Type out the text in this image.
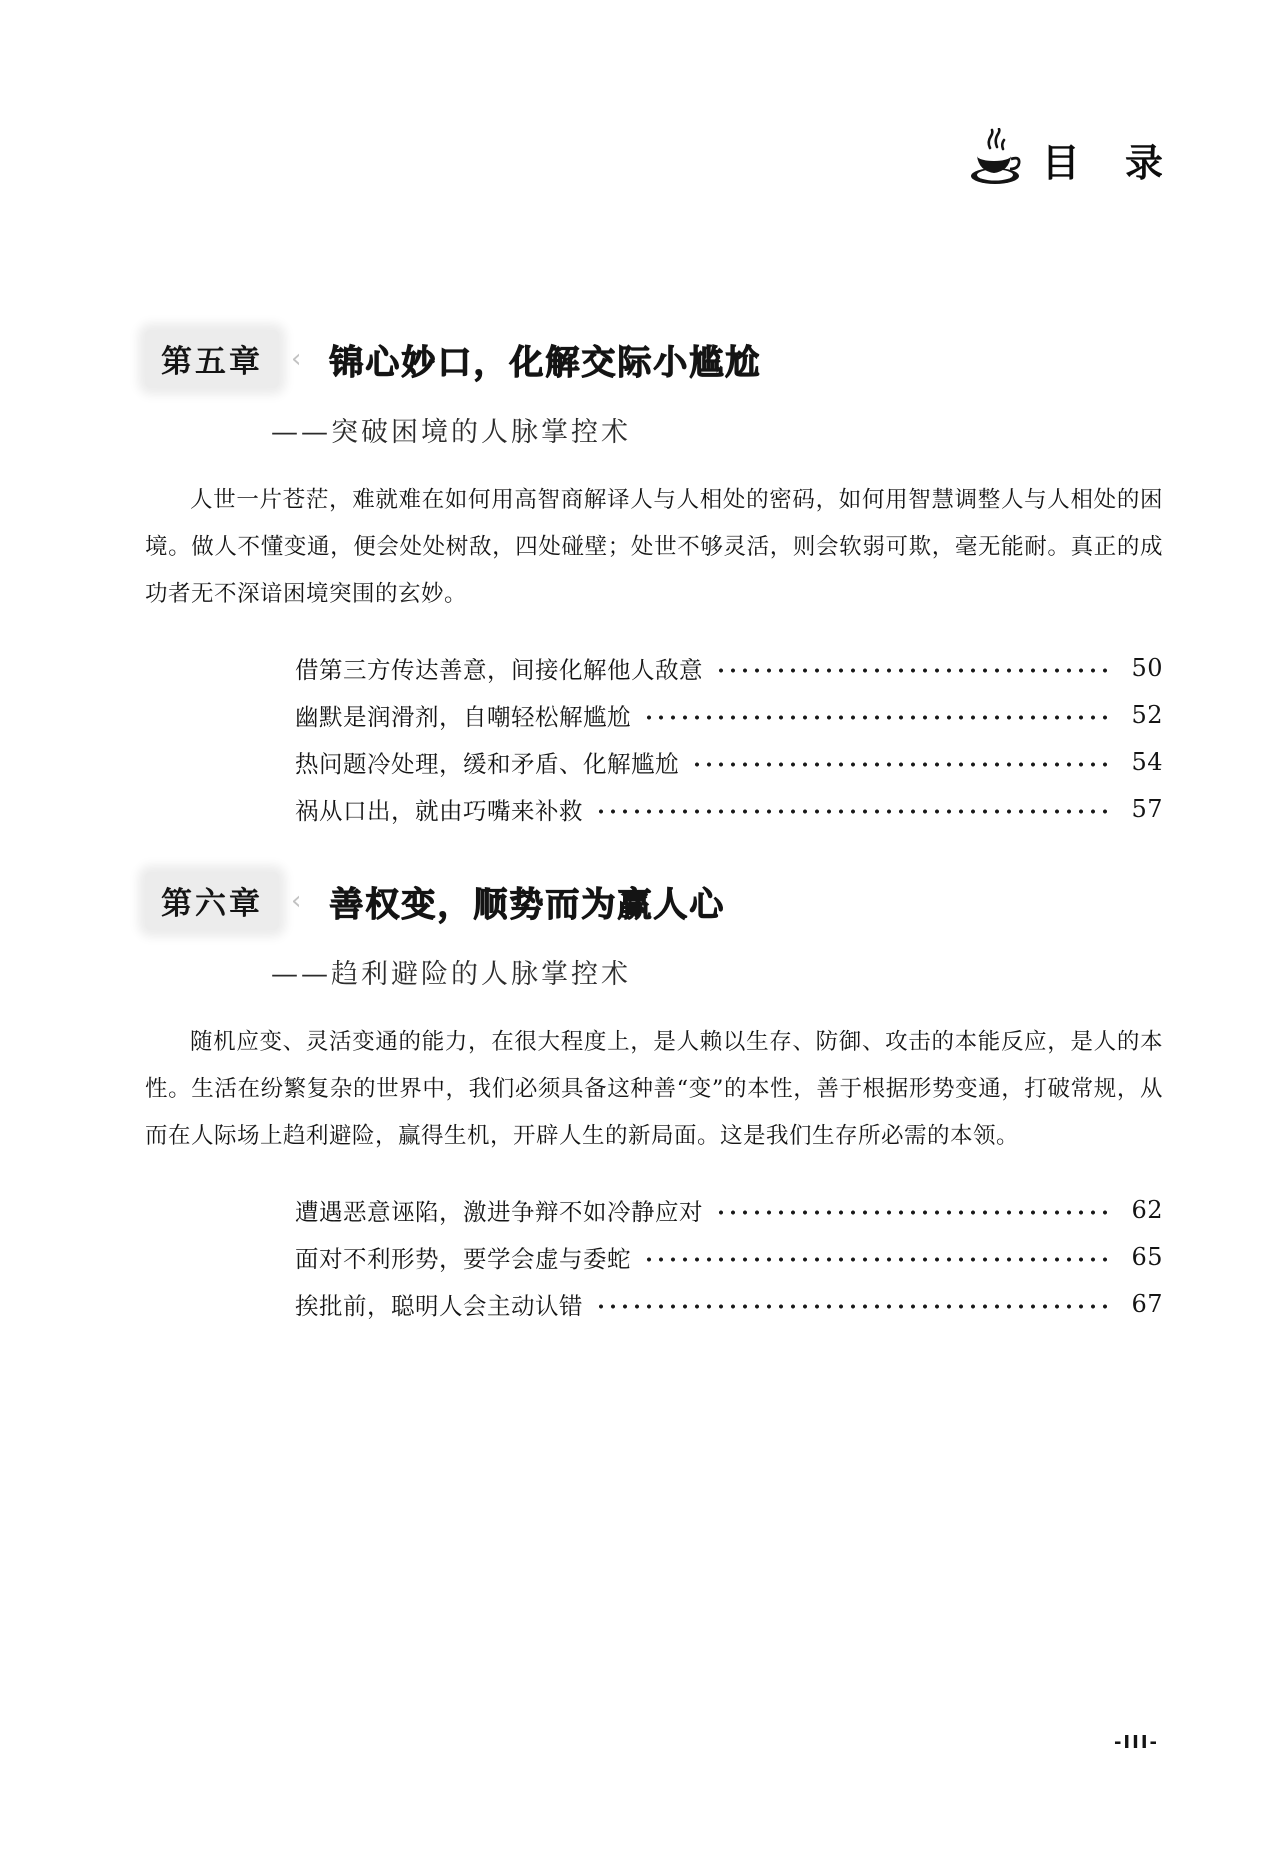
目 录
第五章	‹ 锦心妙口，化解交际小尴尬
——突破困境的人脉掌控术

人世一片苍茫，难就难在如何用高智商解译人与人相处的密码，如何用智慧调整人与人相处的困境。做人不懂变通，便会处处树敌，四处碰壁；处世不够灵活，则会软弱可欺，毫无能耐。真正的成功者无不深谙困境突围的玄妙。

借第三方传达善意，间接化解他人敌意	50
幽默是润滑剂，自嘲轻松解尴尬	52
热问题冷处理，缓和矛盾、化解尴尬	54
祸从口出，就由巧嘴来补救	57
第六章	‹ 善权变，顺势而为赢人心
——趋利避险的人脉掌控术

随机应变、灵活变通的能力，在很大程度上，是人赖以生存、防御、攻击的本能反应，是人的本性。生活在纷繁复杂的世界中，我们必须具备这种善“变”的本性，善于根据形势变通，打破常规，从而在人际场上趋利避险，赢得生机，开辟人生的新局面。这是我们生存所必需的本领。

遭遇恶意诬陷，激进争辩不如冷静应对	62
面对不利形势，要学会虚与委蛇	65
挨批前，聪明人会主动认错	67
-III-
